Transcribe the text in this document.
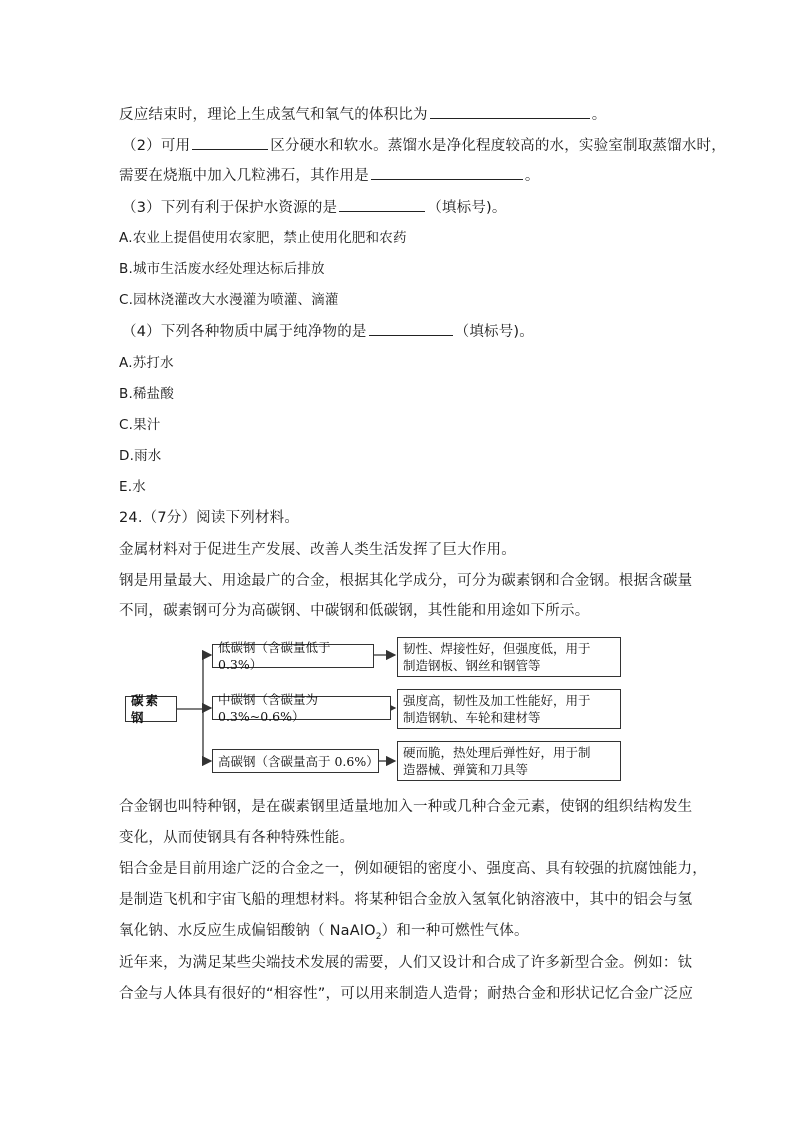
反应结束时，理论上生成氢气和氧气的体积比为	。
（2）可用	区分硬水和软水。蒸馏水是净化程度较高的水，实验室制取蒸馏水时，
需要在烧瓶中加入几粒沸石，其作用是	。
（3）下列有利于保护水资源的是	（填标号)。
A.农业上提倡使用农家肥，禁止使用化肥和农药
B.城市生活废水经处理达标后排放
C.园林浇灌改大水漫灌为喷灌、滴灌
（4）下列各种物质中属于纯净物的是	（填标号)。
A.苏打水
B.稀盐酸
C.果汁
D.雨水
E.水
24.（7分）阅读下列材料。
金属材料对于促进生产发展、改善人类生活发挥了巨大作用。
钢是用量最大、用途最广的合金，根据其化学成分，可分为碳素钢和合金钢。根据含碳量
不同，碳素钢可分为高碳钢、中碳钢和低碳钢，其性能和用途如下所示。
碳素钢
低碳钢（含碳量低于 0.3%）
中碳钢（含碳量为 0.3%~0.6%）
高碳钢（含碳量高于 0.6%）
韧性、焊接性好，但强度低，用于
制造钢板、钢丝和钢管等
强度高，韧性及加工性能好，用于
制造钢轨、车轮和建材等
硬而脆，热处理后弹性好，用于制
造器械、弹簧和刀具等
合金钢也叫特种钢，是在碳素钢里适量地加入一种或几种合金元素，使钢的组织结构发生
变化，从而使钢具有各种特殊性能。
铝合金是目前用途广泛的合金之一，例如硬铝的密度小、强度高、具有较强的抗腐蚀能力，
是制造飞机和宇宙飞船的理想材料。将某种铝合金放入氢氧化钠溶液中，其中的铝会与氢
氧化钠、水反应生成偏铝酸钠（ NaAlO$_2$）和一种可燃性气体。
近年来，为满足某些尖端技术发展的需要，人们又设计和合成了许多新型合金。例如：钛
合金与人体具有很好的“相容性”，可以用来制造人造骨；耐热合金和形状记忆合金广泛应
